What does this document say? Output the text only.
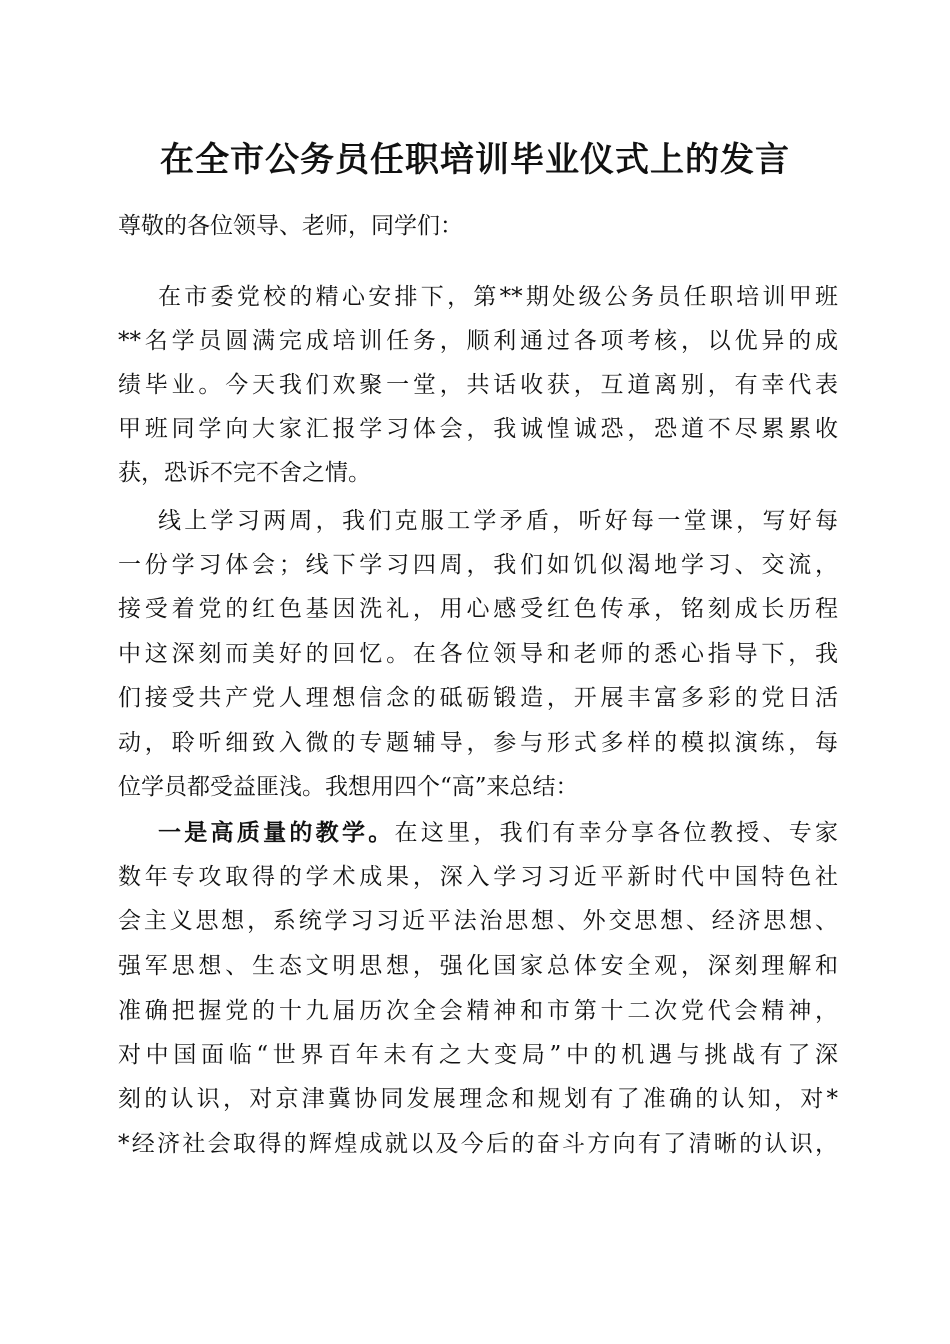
在全市公务员任职培训毕业仪式上的发言
尊敬的各位领导、老师，同学们：
在市委党校的精心安排下，第**期处级公务员任职培训甲班
**名学员圆满完成培训任务，顺利通过各项考核，以优异的成
绩毕业。今天我们欢聚一堂，共话收获，互道离别，有幸代表
甲班同学向大家汇报学习体会，我诚惶诚恐，恐道不尽累累收
获，恐诉不完不舍之情。
线上学习两周，我们克服工学矛盾，听好每一堂课，写好每
一份学习体会；线下学习四周，我们如饥似渴地学习、交流，
接受着党的红色基因洗礼，用心感受红色传承，铭刻成长历程
中这深刻而美好的回忆。在各位领导和老师的悉心指导下，我
们接受共产党人理想信念的砥砺锻造，开展丰富多彩的党日活
动，聆听细致入微的专题辅导，参与形式多样的模拟演练，每
位学员都受益匪浅。我想用四个“高”来总结：
一是高质量的教学。在这里，我们有幸分享各位教授、专家
数年专攻取得的学术成果，深入学习习近平新时代中国特色社
会主义思想，系统学习习近平法治思想、外交思想、经济思想、
强军思想、生态文明思想，强化国家总体安全观，深刻理解和
准确把握党的十九届历次全会精神和市第十二次党代会精神，
对中国面临“世界百年未有之大变局”中的机遇与挑战有了深
刻的认识，对京津冀协同发展理念和规划有了准确的认知，对*
*经济社会取得的辉煌成就以及今后的奋斗方向有了清晰的认识，
